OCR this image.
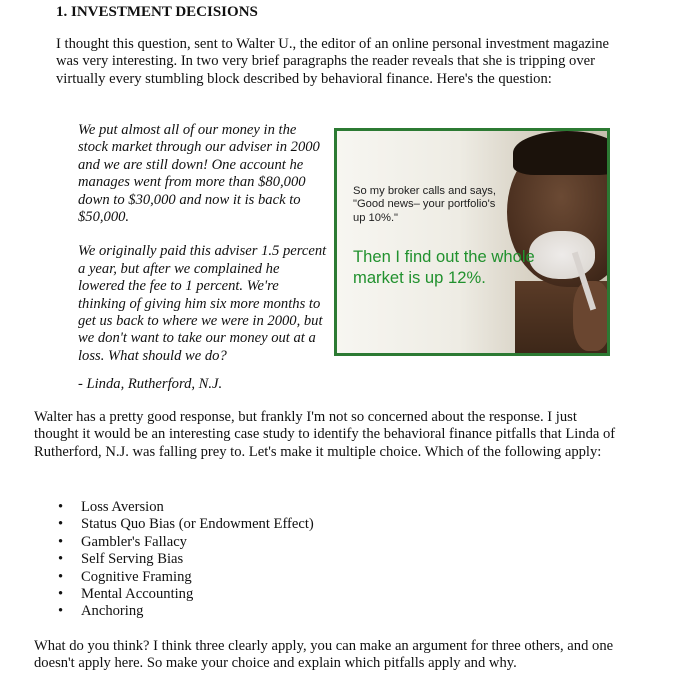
1. INVESTMENT DECISIONS

I thought this question, sent to Walter U., the editor of an online personal investment magazine was very interesting. In two very brief paragraphs the reader reveals that she is tripping over virtually every stumbling block described by behavioral finance. Here's the question:

We put almost all of our money in the stock market through our adviser in 2000 and we are still down! One account he manages went from more than $80,000 down to $30,000 and now it is back to $50,000.

We originally paid this adviser 1.5 percent a year, but after we complained he lowered the fee to 1 percent. We're thinking of giving him six more months to get us back to where we were in 2000, but we don't want to take our money out at a loss. What should we do?

- Linda, Rutherford, N.J.

So my broker calls and says, "Good news– your portfolio's up 10%."

Then I find out the whole market is up 12%.

Walter has a pretty good response, but frankly I'm not so concerned about the response. I just thought it would be an interesting case study to identify the behavioral finance pitfalls that Linda of Rutherford, N.J. was falling prey to. Let's make it multiple choice. Which of the following apply:

• Loss Aversion
• Status Quo Bias (or Endowment Effect)
• Gambler's Fallacy
• Self Serving Bias
• Cognitive Framing
• Mental Accounting
• Anchoring

What do you think? I think three clearly apply, you can make an argument for three others, and one doesn't apply here. So make your choice and explain which pitfalls apply and why.
